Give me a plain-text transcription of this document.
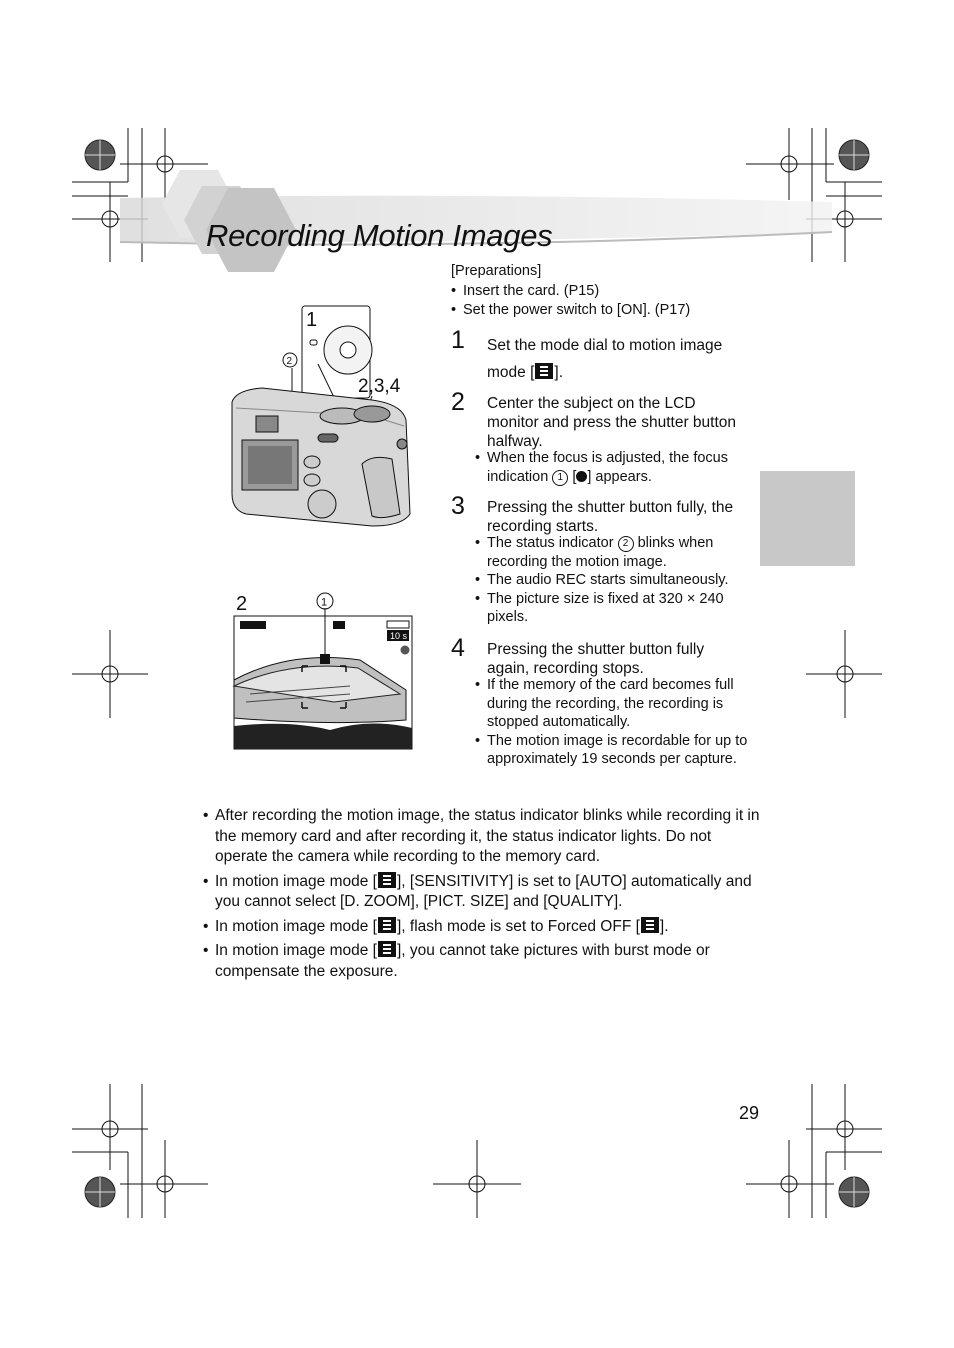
Recording Motion Images
[Preparations]
• Insert the card. (P15)
• Set the power switch to [ON]. (P17)
1 Set the mode dial to motion image mode [ ].
2 Center the subject on the LCD monitor and press the shutter button halfway.
• When the focus is adjusted, the focus indication 1 [ ] appears.
3 Pressing the shutter button fully, the recording starts.
• The status indicator 2 blinks when recording the motion image.
• The audio REC starts simultaneously.
• The picture size is fixed at 320 × 240 pixels.
4 Pressing the shutter button fully again, recording stops.
• If the memory of the card becomes full during the recording, the recording is stopped automatically.
• The motion image is recordable for up to approximately 19 seconds per capture.
1
2,3,4
2
2	1
10 s
• After recording the motion image, the status indicator blinks while recording it in the memory card and after recording it, the status indicator lights. Do not operate the camera while recording to the memory card.
• In motion image mode [ ], [SENSITIVITY] is set to [AUTO] automatically and you cannot select [D. ZOOM], [PICT. SIZE] and [QUALITY].
• In motion image mode [ ], flash mode is set to Forced OFF [ ].
• In motion image mode [ ], you cannot take pictures with burst mode or compensate the exposure.
29
